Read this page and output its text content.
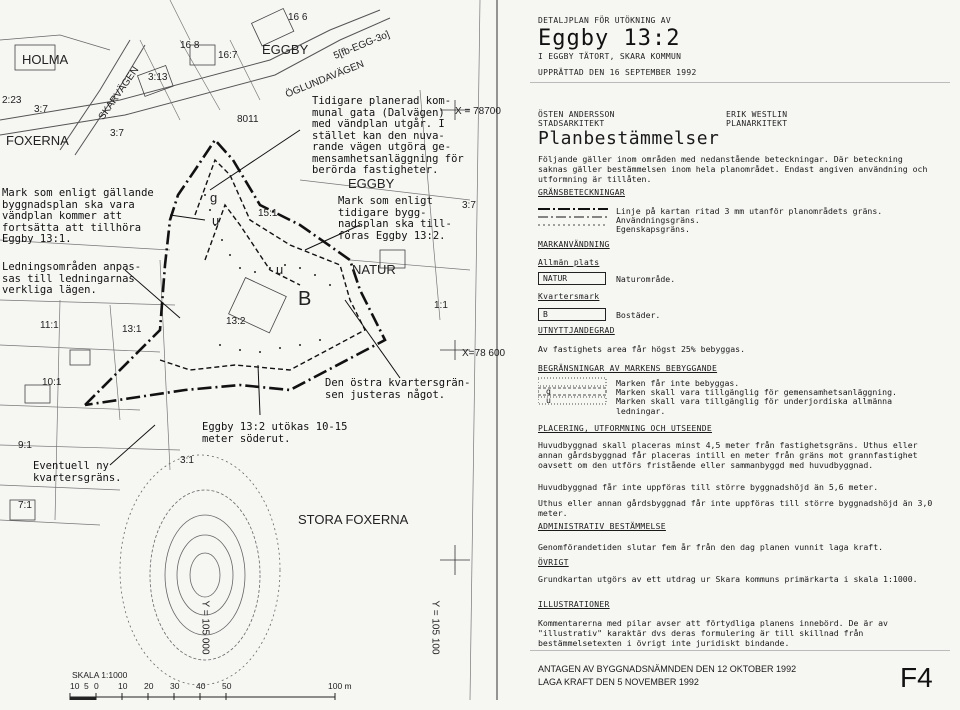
HOLMA
EGGBY
FOXERNA
SKARVÄGEN	ÖGLUNDAVÄGEN
EGGBY
NATUR
B
STORA FOXERNA
X = 78700
X=78 600
Y = 105 000	Y = 105 100
g
u
u
2:23
3:7
3:7
3:7
3:13
16 6
16 8
16:7
15:1
13:2
11:1	13:1
10:1
9:1
7:1
3:1
1:1
5[fb-EGG-3o]
8011
Tidigare planerad kom-
munal gata (Dalvägen)
med vändplan utgår. I
stället kan den nuva-
rande vägen utgöra ge-
mensamhetsanläggning för
berörda fastigheter.
Mark som enligt
tidigare bygg-
nadsplan ska till-
föras Eggby 13:2.
Mark som enligt gällande
byggnadsplan ska vara
vändplan kommer att
fortsätta att tillhöra
Eggby 13:1.
Ledningsområden anpas-
sas till ledningarnas
verkliga lägen.
Den östra kvartersgrän-
sen justeras något.
Eggby 13:2 utökas 10-15
meter söderut.
Eventuell ny
kvartersgräns.
SKALA 1:1000
10 5 0 10 20 30 40 50	100 m
DETALJPLAN FÖR UTÖKNING AV
Eggby 13:2
I EGGBY TÄTORT, SKARA KOMMUN
UPPRÄTTAD DEN 16 SEPTEMBER 1992
ÖSTEN ANDERSSON
STADSARKITEKT
ERIK WESTLIN
PLANARKITEKT
Planbestämmelser
Följande gäller inom områden med nedanstående beteckningar. Där beteckning saknas gäller bestämmelsen inom hela planområdet. Endast angiven användning och utformning är tillåten.
GRÄNSBETECKNINGAR
Linje på kartan ritad 3 mm utanför planområdets gräns.
Användningsgräns.
Egenskapsgräns.
MARKANVÄNDNING
Allmän plats
NATUR	Naturområde.
Kvartersmark
B	Bostäder.
UTNYTTJANDEGRAD
Av fastighets area får högst 25% bebyggas.
BEGRÄNSNINGAR AV MARKENS BEBYGGANDE
g
u
Marken får inte bebyggas.
Marken skall vara tillgänglig för gemensamhetsanläggning.
Marken skall vara tillgänglig för underjordiska allmänna ledningar.
PLACERING, UTFORMNING OCH UTSEENDE
Huvudbyggnad skall placeras minst 4,5 meter från fastighetsgräns. Uthus eller annan gårdsbyggnad får placeras intill en meter från gräns mot grannfastighet oavsett om den utförs fristående eller sammanbyggd med huvudbyggnad.
Huvudbyggnad får inte uppföras till större byggnadshöjd än 5,6 meter.
Uthus eller annan gårdsbyggnad får inte uppföras till större byggnadshöjd än 3,0 meter.
ADMINISTRATIV BESTÄMMELSE
Genomförandetiden slutar fem år från den dag planen vunnit laga kraft.
ÖVRIGT
Grundkartan utgörs av ett utdrag ur Skara kommuns primärkarta i skala 1:1000.
ILLUSTRATIONER
Kommentarerna med pilar avser att förtydliga planens innebörd. De är av "illustrativ" karaktär dvs deras formulering är till skillnad från bestämmelsetexten i övrigt inte juridiskt bindande.
ANTAGEN AV BYGGNADSNÄMNDEN DEN 12 OKTOBER 1992
LAGA KRAFT DEN 5 NOVEMBER 1992	F4
